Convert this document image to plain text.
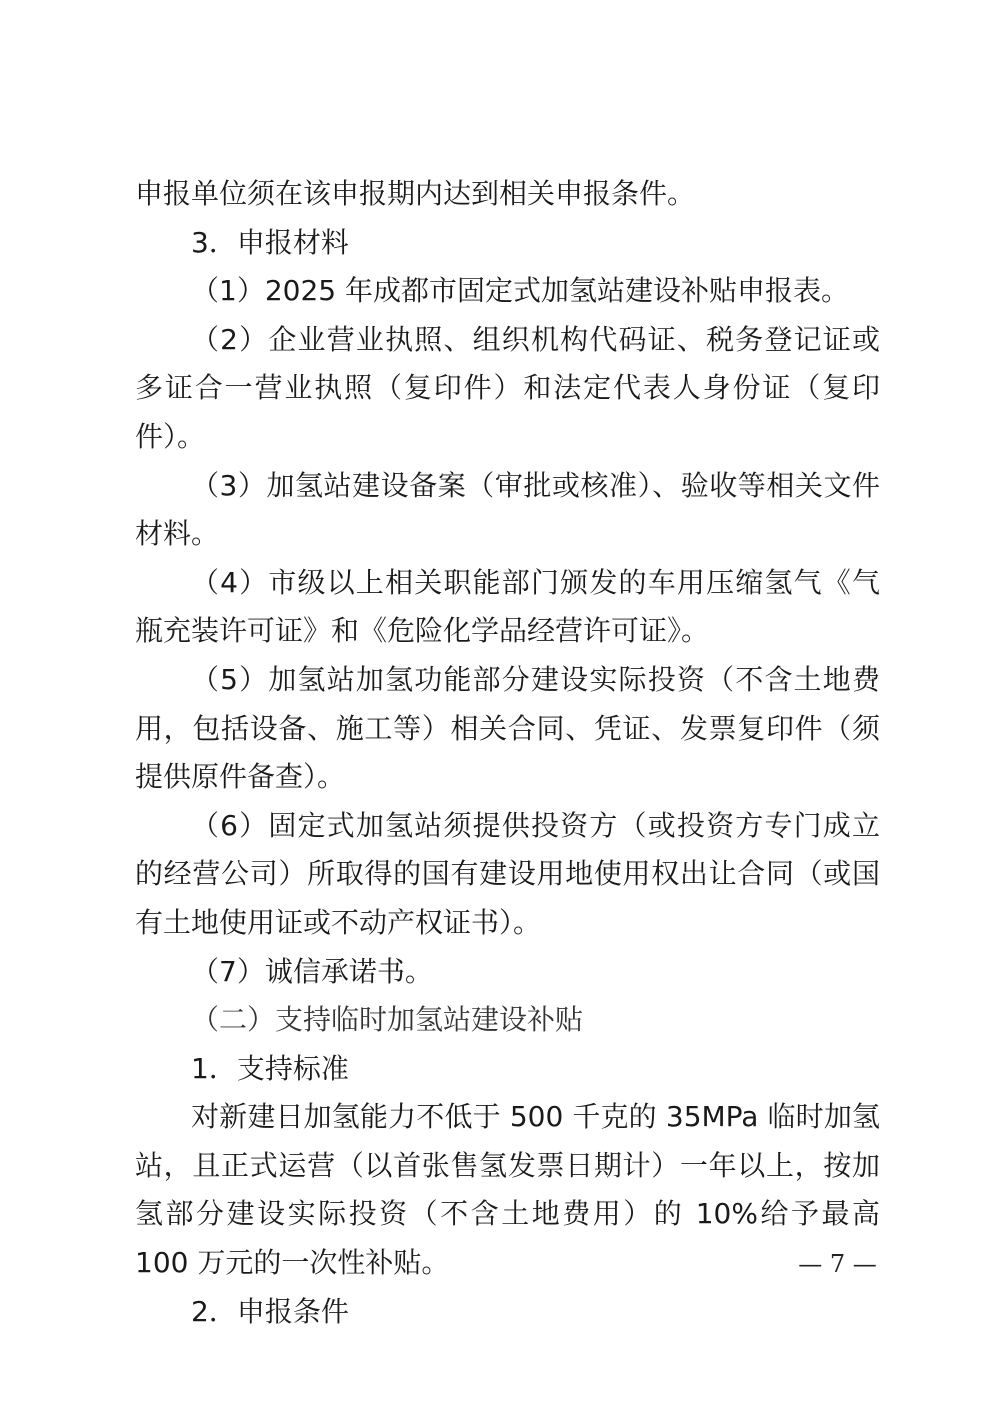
申报单位须在该申报期内达到相关申报条件。

3．申报材料

（1）2025 年成都市固定式加氢站建设补贴申报表。

（2）企业营业执照、组织机构代码证、税务登记证或多证合一营业执照（复印件）和法定代表人身份证（复印件）。

（3）加氢站建设备案（审批或核准）、验收等相关文件材料。

（4）市级以上相关职能部门颁发的车用压缩氢气《气瓶充装许可证》和《危险化学品经营许可证》。

（5）加氢站加氢功能部分建设实际投资（不含土地费用，包括设备、施工等）相关合同、凭证、发票复印件（须提供原件备查）。

（6）固定式加氢站须提供投资方（或投资方专门成立的经营公司）所取得的国有建设用地使用权出让合同（或国有土地使用证或不动产权证书）。

（7）诚信承诺书。

（二）支持临时加氢站建设补贴

1．支持标准

对新建日加氢能力不低于 500 千克的 35MPa 临时加氢站，且正式运营（以首张售氢发票日期计）一年以上，按加氢部分建设实际投资（不含土地费用）的 10%给予最高 100 万元的一次性补贴。

2．申报条件

— 7 —
